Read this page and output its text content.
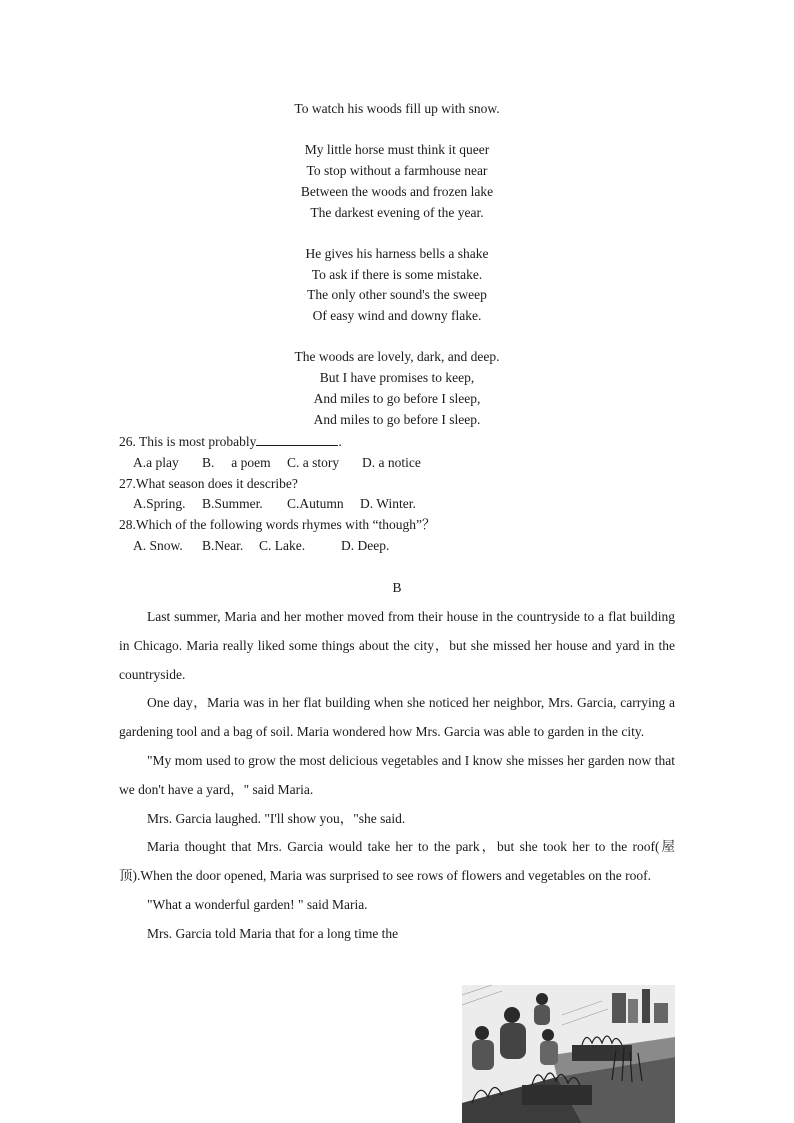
To watch his woods fill up with snow.
My little horse must think it queer
To stop without a farmhouse near
Between the woods and frozen lake
The darkest evening of the year.
He gives his harness bells a shake
To ask if there is some mistake.
The only other sound's the sweep
Of easy wind and downy flake.
The woods are lovely, dark, and deep.
But I have promises to keep,
And miles to go before I sleep,
And miles to go before I sleep.
26. This is most probably	.
A.a play B.     a poem C. a story D. a notice
27.What season does it describe?
A.Spring. B.Summer. C.Autumn D. Winter.
28.Which of the following words rhymes with “though”？
A. Snow. B.Near. C. Lake.	D. Deep.
B

Last summer, Maria and her mother moved from their house in the countryside to a flat building in Chicago. Maria really liked some things about the city，but she missed her house and yard in the countryside.

One day，Maria was in her flat building when she noticed her neighbor, Mrs. Garcia, carrying a gardening tool and a bag of soil. Maria wondered how Mrs. Garcia was able to garden in the city.

"My mom used to grow the most delicious vegetables and I know she misses her garden now that we don't have a yard，" said Maria.

Mrs. Garcia laughed. "I'll show you，"she said.

Maria thought that Mrs. Garcia would take her to the park，but she took her to the roof(屋顶).When the door opened, Maria was surprised to see rows of flowers and vegetables on the roof.

"What a wonderful garden! " said Maria.

Mrs. Garcia told Maria that for a long time the
